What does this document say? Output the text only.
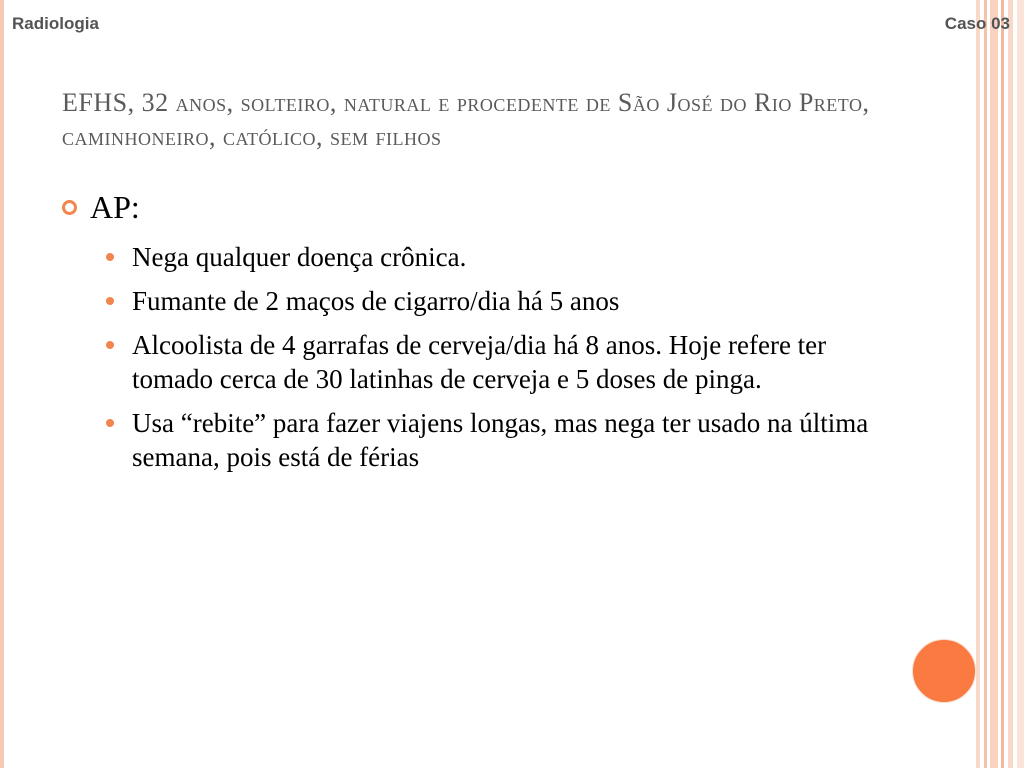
Radiologia	Caso 03
EFHS, 32 anos, solteiro, natural e procedente de São José do Rio Preto, caminhoneiro, católico, sem filhos
AP:
Nega qualquer doença crônica.
Fumante de 2 maços de cigarro/dia há 5 anos
Alcoolista de 4 garrafas de cerveja/dia há 8 anos. Hoje refere ter tomado cerca de 30 latinhas de cerveja e 5 doses de pinga.
Usa “rebite” para fazer viajens longas, mas nega ter usado na última semana, pois está de férias
